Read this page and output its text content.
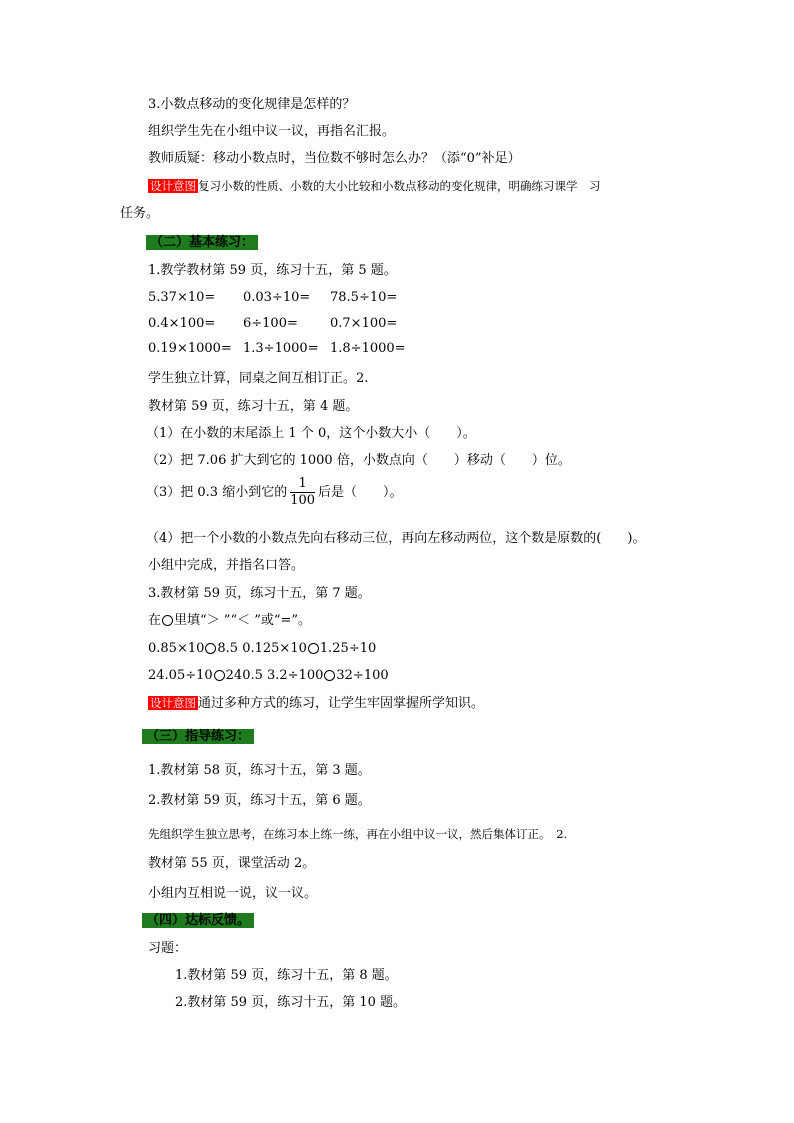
3.小数点移动的变化规律是怎样的？
组织学生先在小组中议一议，再指名汇报。
教师质疑：移动小数点时，当位数不够时怎么办？（添“0”补足）
设计意图 复习小数的性质、小数的大小比较和小数点移动的变化规律，明确练习课学　习
任务。
（二）基本练习：
1.教学教材第 59 页，练习十五，第 5 题。
5.37×10= 0.03÷10= 78.5÷10=
0.4×100= 6÷100= 0.7×100=
0.19×1000= 1.3÷1000= 1.8÷1000=
学生独立计算，同桌之间互相订正。2.
教材第 59 页，练习十五，第 4 题。
（1）在小数的末尾添上 1 个 0，这个小数大小（　　）。
（2）把 7.06 扩大到它的 1000 倍，小数点向（　　）移动（　　）位。
（3）把 0.3 缩小到它的 $\frac{1}{100}$ 后是（　　）。
（4）把一个小数的小数点先向右移动三位，再向左移动两位，这个数是原数的(　　)。
小组中完成，并指名口答。
3.教材第 59 页，练习十五，第 7 题。
在 里填“＞ ”“＜ ”或“=”。
0.85×10 8.5 0.125×10 1.25÷10
24.05÷10 240.5 3.2÷100 32÷100
设计意图 通过多种方式的练习，让学生牢固掌握所学知识。
（三）指导练习：
1.教材第 58 页，练习十五，第 3 题。
2.教材第 59 页，练习十五，第 6 题。
先组织学生独立思考，在练习本上练一练，再在小组中议一议，然后集体订正。　2.
教材第 55 页，课堂活动 2。
小组内互相说一说，议一议。
（四）达标反馈。
习题：
1.教材第 59 页，练习十五，第 8 题。
2.教材第 59 页，练习十五，第 10 题。
